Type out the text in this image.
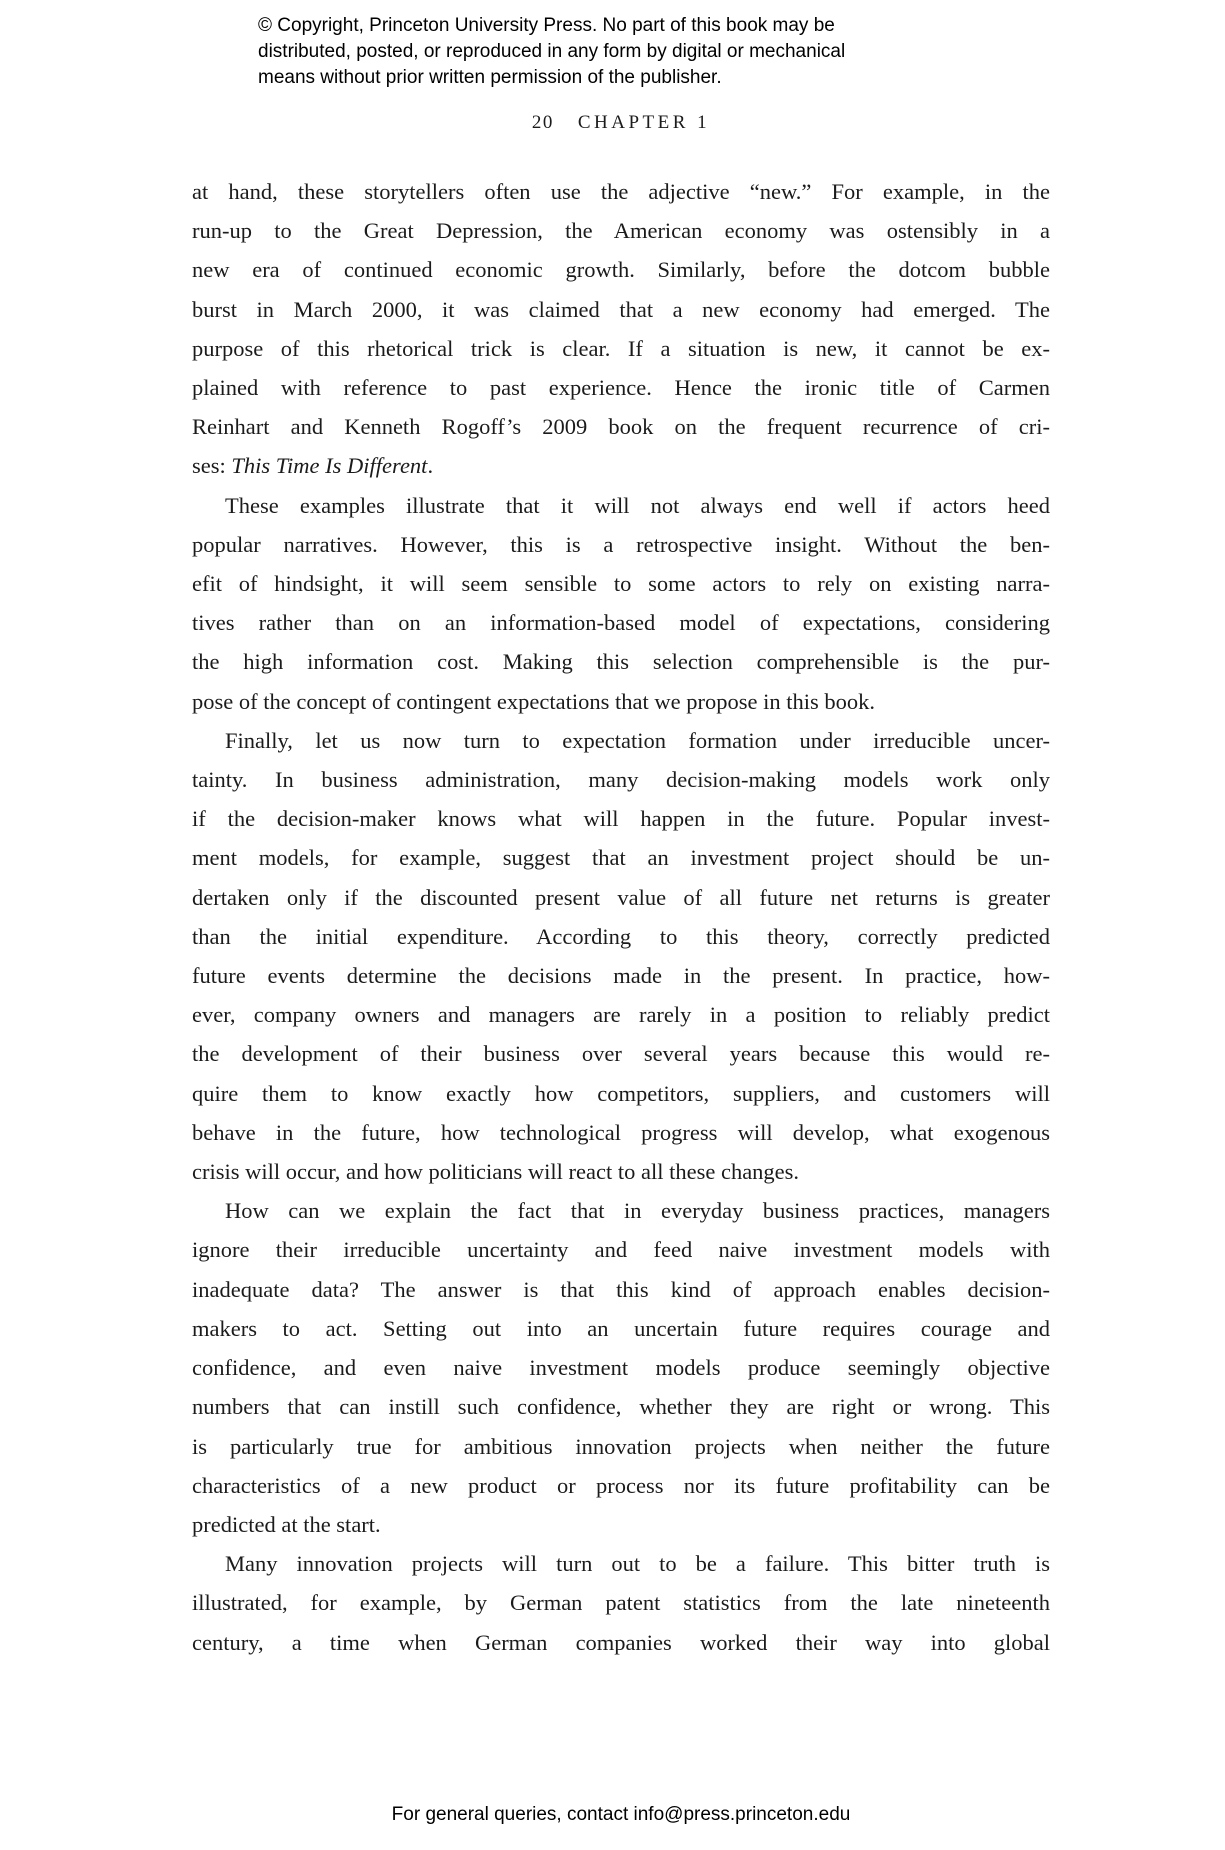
© Copyright, Princeton University Press. No part of this book may be
distributed, posted, or reproduced in any form by digital or mechanical
means without prior written permission of the publisher.
20 CHAPTER 1
at hand, these storytellers often use the adjective “new.” For example, in the
run-up to the Great Depression, the American economy was ostensibly in a
new era of continued economic growth. Similarly, before the dotcom bubble
burst in March 2000, it was claimed that a new economy had emerged. The
purpose of this rhetorical trick is clear. If a situation is new, it cannot be ex-
plained with reference to past experience. Hence the ironic title of Carmen
Reinhart and Kenneth Rogoff’s 2009 book on the frequent recurrence of cri-
ses: This Time Is Different.
These examples illustrate that it will not always end well if actors heed
popular narratives. However, this is a retrospective insight. Without the ben-
efit of hindsight, it will seem sensible to some actors to rely on existing narra-
tives rather than on an information-based model of expectations, considering
the high information cost. Making this selection comprehensible is the pur-
pose of the concept of contingent expectations that we propose in this book.
Finally, let us now turn to expectation formation under irreducible uncer-
tainty. In business administration, many decision-making models work only
if the decision-maker knows what will happen in the future. Popular invest-
ment models, for example, suggest that an investment project should be un-
dertaken only if the discounted present value of all future net returns is greater
than the initial expenditure. According to this theory, correctly predicted
future events determine the decisions made in the present. In practice, how-
ever, company owners and managers are rarely in a position to reliably predict
the development of their business over several years because this would re-
quire them to know exactly how competitors, suppliers, and customers will
behave in the future, how technological progress will develop, what exogenous
crisis will occur, and how politicians will react to all these changes.
How can we explain the fact that in everyday business practices, managers
ignore their irreducible uncertainty and feed naive investment models with
inadequate data? The answer is that this kind of approach enables decision-
makers to act. Setting out into an uncertain future requires courage and
confidence, and even naive investment models produce seemingly objective
numbers that can instill such confidence, whether they are right or wrong. This
is particularly true for ambitious innovation projects when neither the future
characteristics of a new product or process nor its future profitability can be
predicted at the start.
Many innovation projects will turn out to be a failure. This bitter truth is
illustrated, for example, by German patent statistics from the late nineteenth
century, a time when German companies worked their way into global
For general queries, contact info@press.princeton.edu
